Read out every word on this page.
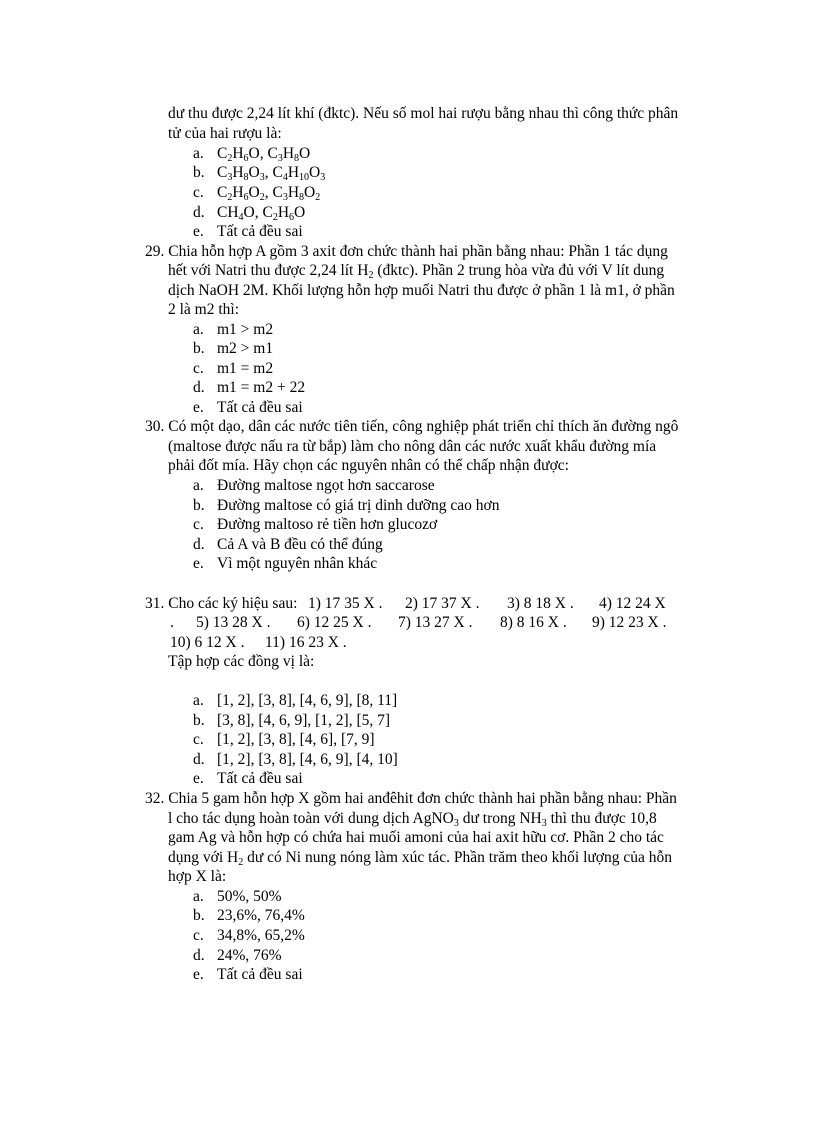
dư thu được 2,24 lít khí (đktc). Nếu số mol hai rượu bằng nhau thì công thức phân
tử của hai rượu là:
a. $C_2H_6O$, $C_3H_8O$
b. $C_3H_8O_3$, $C_4H_{10}O_3$
c. $C_2H_6O_2$, $C_3H_8O_2$
d. $CH_4O$, $C_2H_6O$
e. Tất cả đều sai
29. Chia hỗn hợp A gồm 3 axit đơn chức thành hai phần bằng nhau: Phần 1 tác dụng
hết với Natri thu được 2,24 lít $H_2$ (đktc). Phần 2 trung hòa vừa đủ với V lít dung
dịch NaOH 2M. Khối lượng hỗn hợp muối Natri thu được ở phần 1 là m1, ở phần
2 là m2 thì:
a. m1 > m2
b. m2 > m1
c. m1 = m2
d. m1 = m2 + 22
e. Tất cả đều sai
30. Có một dạo, dân các nước tiên tiến, công nghiệp phát triển chỉ thích ăn đường ngô
(maltose được nấu ra từ bắp) làm cho nông dân các nước xuất khẩu đường mía
phải đốt mía. Hãy chọn các nguyên nhân có thể chấp nhận được:
a. Đường maltose ngọt hơn saccarose
b. Đường maltose có giá trị dinh dưỡng cao hơn
c. Đường maltoso rẻ tiền hơn glucozơ
d. Cả A và B đều có thể đúng
e. Vì một nguyên nhân khác
31. Cho các ký hiệu sau: 1) 17 35 X . 2) 17 37 X . 3) 8 18 X . 4) 12 24 X
. 5) 13 28 X . 6) 12 25 X . 7) 13 27 X . 8) 8 16 X . 9) 12 23 X .
10) 6 12 X . 11) 16 23 X .
Tập hợp các đồng vị là:
a. [1, 2], [3, 8], [4, 6, 9], [8, 11]
b. [3, 8], [4, 6, 9], [1, 2], [5, 7]
c. [1, 2], [3, 8], [4, 6], [7, 9]
d. [1, 2], [3, 8], [4, 6, 9], [4, 10]
e. Tất cả đều sai
32. Chia 5 gam hỗn hợp X gồm hai anđêhit đơn chức thành hai phần bằng nhau: Phần
l cho tác dụng hoàn toàn với dung dịch AgNO$_3$ dư trong $NH_3$ thì thu được 10,8
gam Ag và hỗn hợp có chứa hai muối amoni của hai axit hữu cơ. Phần 2 cho tác
dụng với $H_2$ dư có Ni nung nóng làm xúc tác. Phần trăm theo khối lượng của hỗn
hợp X là:
a. 50%, 50%
b. 23,6%, 76,4%
c. 34,8%, 65,2%
d. 24%, 76%
e. Tất cả đều sai
